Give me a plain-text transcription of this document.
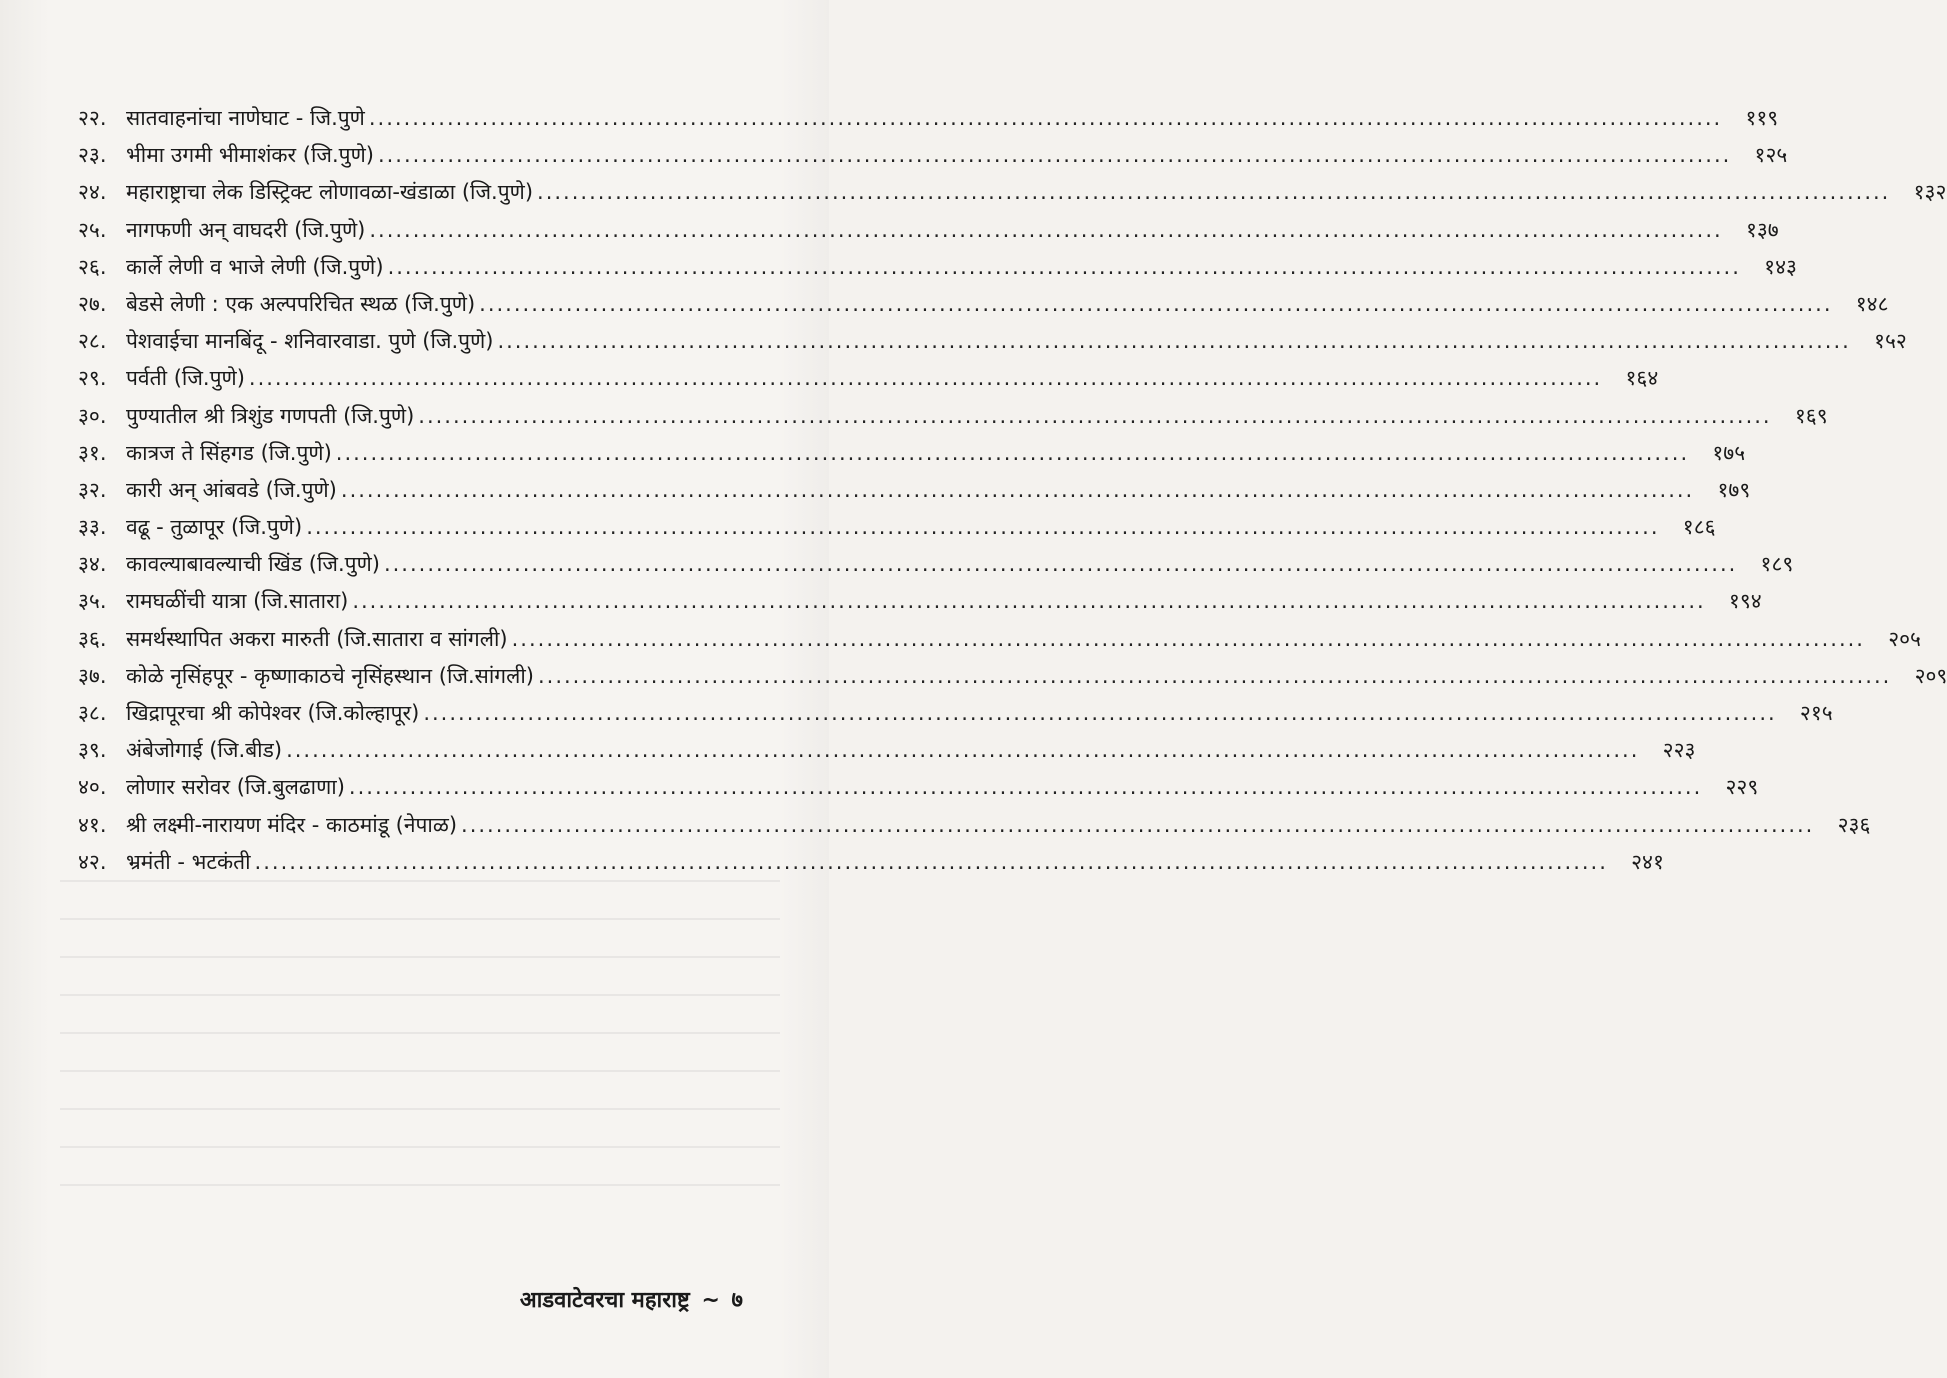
२२. सातवाहनांचा नाणेघाट - जि.पुणे .....	११९
२३. भीमा उगमी भीमाशंकर (जि.पुणे) .....	१२५
२४. महाराष्ट्राचा लेक डिस्ट्रिक्ट लोणावळा-खंडाळा (जि.पुणे) .....	१३२
२५. नागफणी अन् वाघदरी (जि.पुणे) .....	१३७
२६. कार्ले लेणी व भाजे लेणी (जि.पुणे) .....	१४३
२७. बेडसे लेणी : एक अल्पपरिचित स्थळ (जि.पुणे) .....	१४८
२८. पेशवाईचा मानबिंदू - शनिवारवाडा. पुणे (जि.पुणे) .....	१५२
२९. पर्वती (जि.पुणे) .....	१६४
३०. पुण्यातील श्री त्रिशुंड गणपती (जि.पुणे) .....	१६९
३१. कात्रज ते सिंहगड (जि.पुणे) .....	१७५
३२. कारी अन् आंबवडे (जि.पुणे) .....	१७९
३३. वढू - तुळापूर (जि.पुणे) .....	१८६
३४. कावल्याबावल्याची खिंड (जि.पुणे) .....	१८९
३५. रामघळींची यात्रा (जि.सातारा) .....	१९४
३६. समर्थस्थापित अकरा मारुती (जि.सातारा व सांगली) .....	२०५
३७. कोळे नृसिंहपूर - कृष्णाकाठचे नृसिंहस्थान (जि.सांगली) .....	२०९
३८. खिद्रापूरचा श्री कोपेश्वर (जि.कोल्हापूर) .....	२१५
३९. अंबेजोगाई (जि.बीड) .....	२२३
४०. लोणार सरोवर (जि.बुलढाणा) .....	२२९
४१. श्री लक्ष्मी-नारायण मंदिर - काठमांडू (नेपाळ) .....	२३६
४२. भ्रमंती - भटकंती .....	२४१
आडवाटेवरचा महाराष्ट्र ~ ७
